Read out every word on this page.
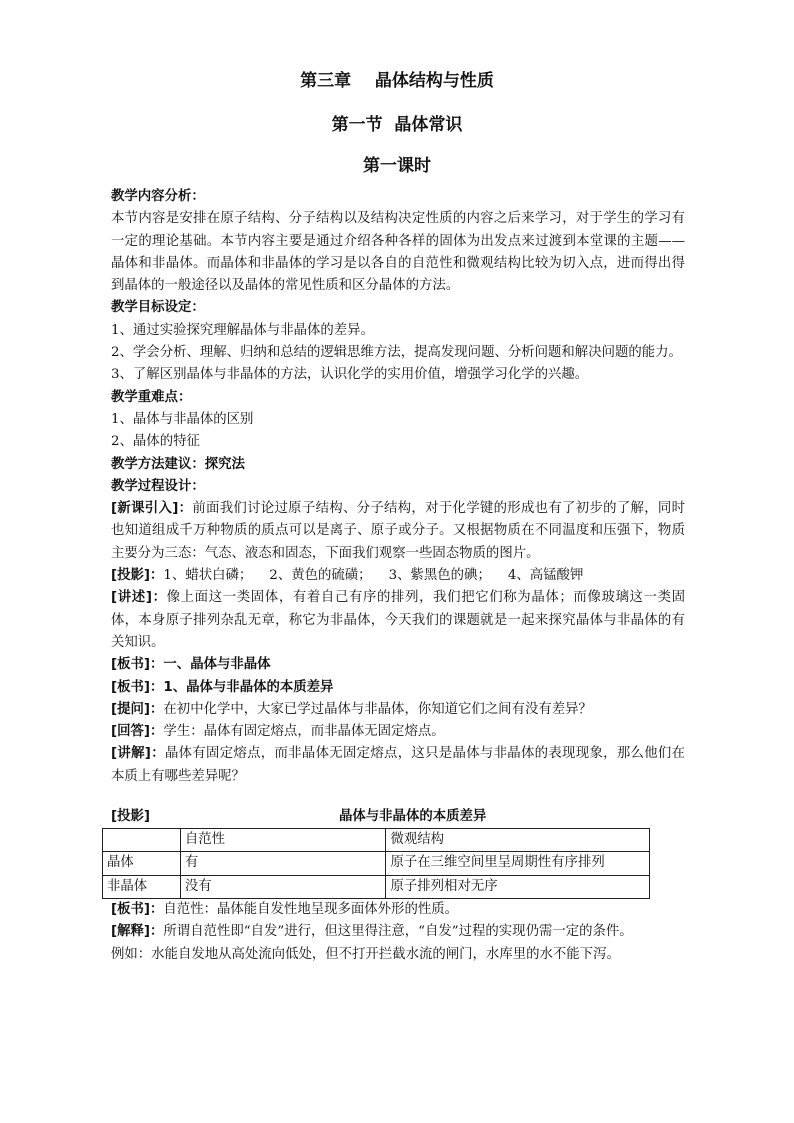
第三章    晶体结构与性质
第一节  晶体常识
第一课时

教学内容分析：

本节内容是安排在原子结构、分子结构以及结构决定性质的内容之后来学习，对于学生的学习有一定的理论基础。本节内容主要是通过介绍各种各样的固体为出发点来过渡到本堂课的主题——晶体和非晶体。而晶体和非晶体的学习是以各自的自范性和微观结构比较为切入点，进而得出得到晶体的一般途径以及晶体的常见性质和区分晶体的方法。

教学目标设定：

1、通过实验探究理解晶体与非晶体的差异。

2、学会分析、理解、归纳和总结的逻辑思维方法，提高发现问题、分析问题和解决问题的能力。

3、了解区别晶体与非晶体的方法，认识化学的实用价值，增强学习化学的兴趣。

教学重难点：

1、晶体与非晶体的区别

2、晶体的特征

教学方法建议：探究法

教学过程设计：

[新课引入]：前面我们讨论过原子结构、分子结构，对于化学键的形成也有了初步的了解，同时也知道组成千万种物质的质点可以是离子、原子或分子。又根据物质在不同温度和压强下，物质主要分为三态：气态、液态和固态，下面我们观察一些固态物质的图片。

[投影]：1、蜡状白磷；    2、黄色的硫磺；    3、紫黑色的碘；    4、高锰酸钾

[讲述]：像上面这一类固体，有着自己有序的排列，我们把它们称为晶体；而像玻璃这一类固体，本身原子排列杂乱无章，称它为非晶体，今天我们的课题就是一起来探究晶体与非晶体的有关知识。

[板书]：一、晶体与非晶体

[板书]：1、晶体与非晶体的本质差异

[提问]：在初中化学中，大家已学过晶体与非晶体，你知道它们之间有没有差异？

[回答]：学生：晶体有固定熔点，而非晶体无固定熔点。

[讲解]：晶体有固定熔点，而非晶体无固定熔点，这只是晶体与非晶体的表现现象，那么他们在本质上有哪些差异呢？

[投影]	晶体与非晶体的本质差异
	自范性	微观结构
晶体	有	原子在三维空间里呈周期性有序排列
非晶体	没有	原子排列相对无序

[板书]：自范性：晶体能自发性地呈现多面体外形的性质。

[解释]：所谓自范性即“自发”进行，但这里得注意，“自发”过程的实现仍需一定的条件。

例如：水能自发地从高处流向低处，但不打开拦截水流的闸门，水库里的水不能下泻。
